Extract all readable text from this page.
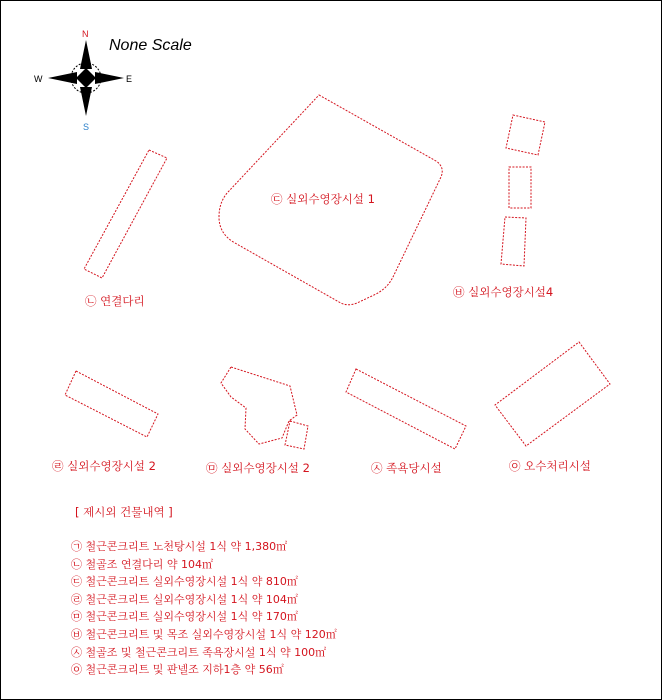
None Scale
N
S
E
W
㉢ 실외수영장시설 1
㉡ 연결다리
㉥ 실외수영장시설4
㉣ 실외수영장시설 2	㉤ 실외수영장시설 2	㉦ 족욕당시설	㉧ 오수처리시설
[ 제시외 건물내역 ]
㉠ 철근콘크리트 노천탕시설 1식 약 1,380㎡
㉡ 철골조 연결다리 약 104㎡
㉢ 철근콘크리트 실외수영장시설 1식 약 810㎡
㉣ 철근콘크리트 실외수영장시설 1식 약 104㎡
㉤ 철근콘크리트 실외수영장시설 1식 약 170㎡
㉥ 철근콘크리트 및 목조 실외수영장시설 1식 약 120㎡
㉦ 철골조 및 철근콘크리트 족욕장시설 1식 약 100㎡
㉧ 철근콘크리트 및 판넬조 지하1층 약 56㎡
